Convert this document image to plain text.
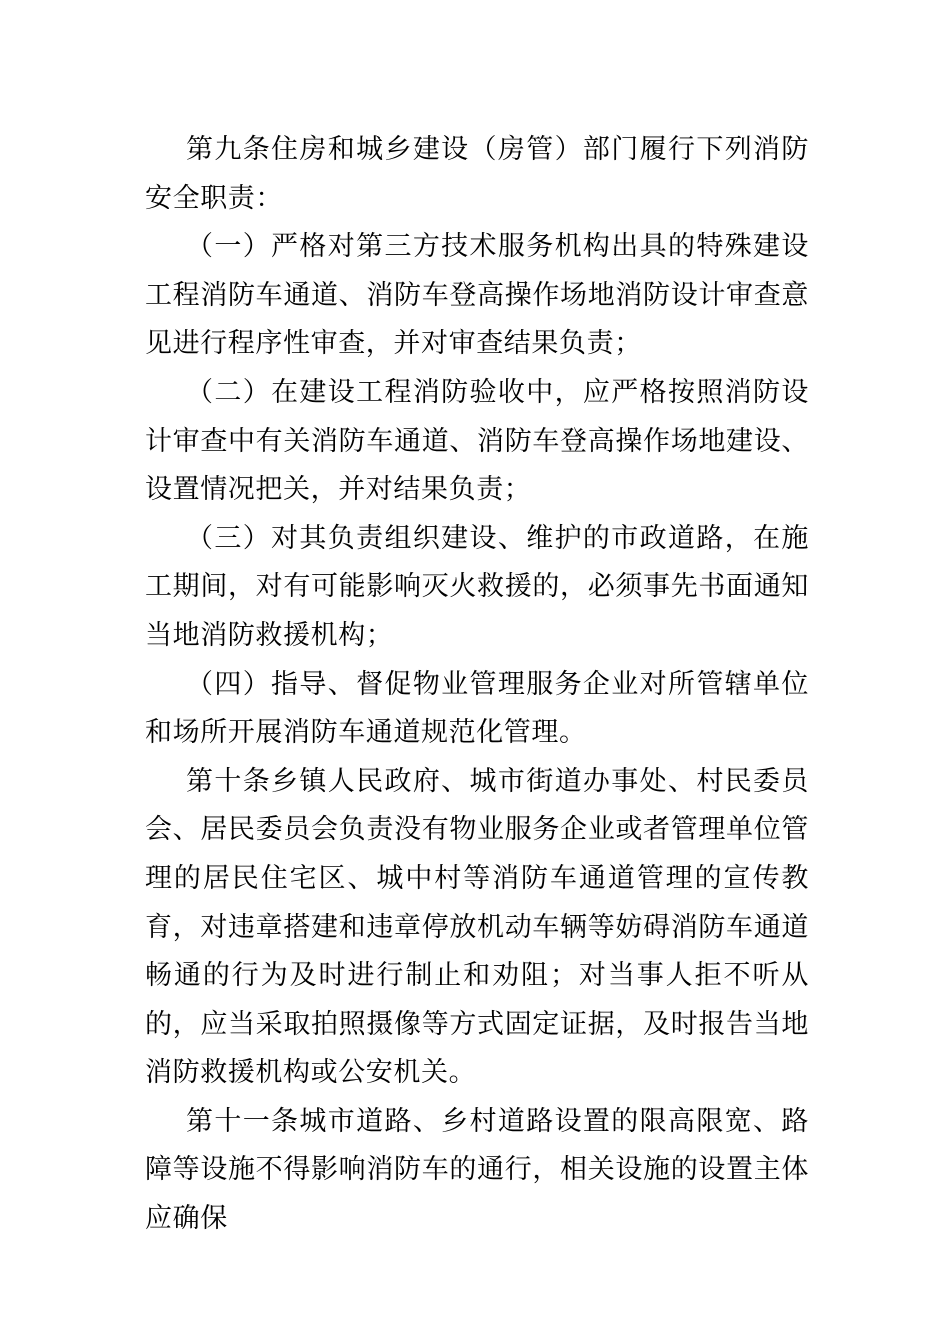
第九条住房和城乡建设（房管）部门履行下列消防安全职责：

（一）严格对第三方技术服务机构出具的特殊建设工程消防车通道、消防车登高操作场地消防设计审查意见进行程序性审查，并对审查结果负责；

（二）在建设工程消防验收中，应严格按照消防设计审查中有关消防车通道、消防车登高操作场地建设、设置情况把关，并对结果负责；

（三）对其负责组织建设、维护的市政道路，在施工期间，对有可能影响灭火救援的，必须事先书面通知当地消防救援机构；

（四）指导、督促物业管理服务企业对所管辖单位和场所开展消防车通道规范化管理。

第十条乡镇人民政府、城市街道办事处、村民委员会、居民委员会负责没有物业服务企业或者管理单位管理的居民住宅区、城中村等消防车通道管理的宣传教育，对违章搭建和违章停放机动车辆等妨碍消防车通道畅通的行为及时进行制止和劝阻；对当事人拒不听从的，应当采取拍照摄像等方式固定证据，及时报告当地消防救援机构或公安机关。

第十一条城市道路、乡村道路设置的限高限宽、路障等设施不得影响消防车的通行，相关设施的设置主体应确保
